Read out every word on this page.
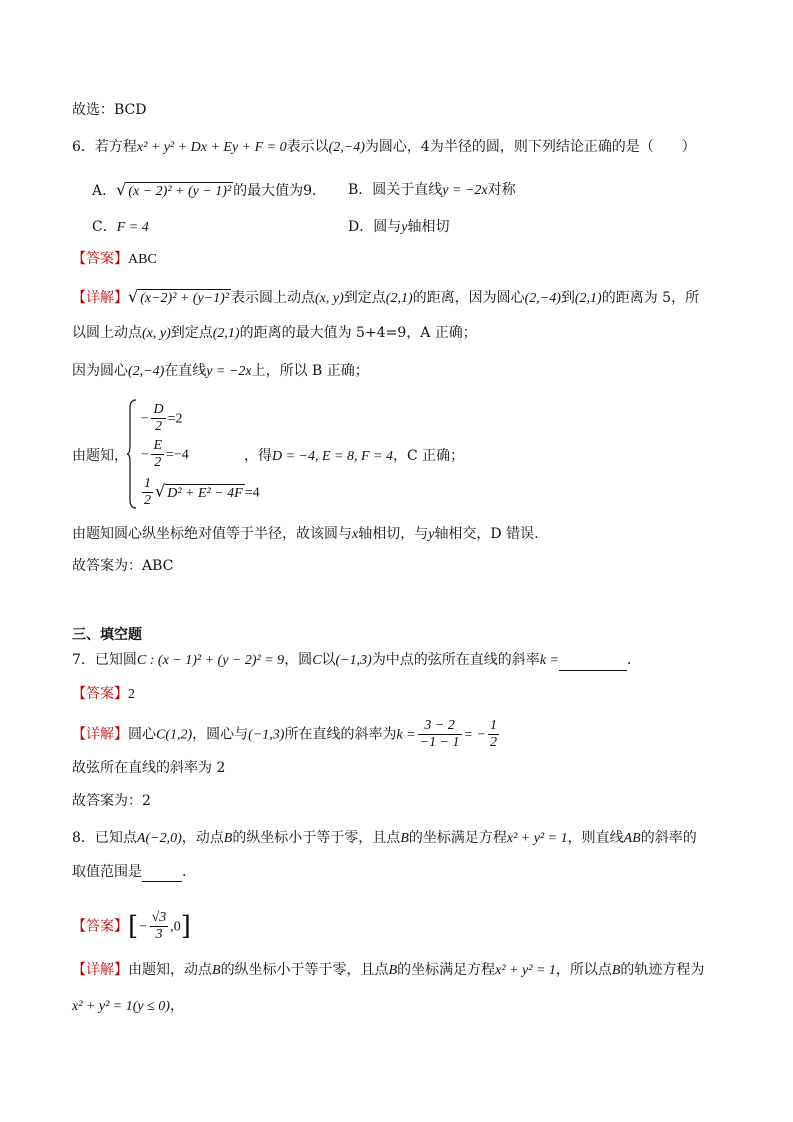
故选：BCD
6．若方程x² + y² + Dx + Ey + F = 0表示以(2,−4)为圆心，4为半径的圆，则下列结论正确的是（　　）
A．√ (x − 2)² + (y − 1)² 的最大值为9． B．圆关于直线y = −2x对称
C．F = 4	D．圆与y轴相切
【答案】ABC
【详解】√ (x−2)² + (y−1)² 表示圆上动点(x, y)到定点(2,1)的距离，因为圆心(2,−4)到(2,1)的距离为 5，所
以圆上动点(x, y)到定点(2,1)的距离的最大值为 5+4=9，A 正确；
因为圆心(2,−4)在直线y = −2x上，所以 B 正确；
由题知，
− $\frac{D}{2} =2$
− $\frac{E}{2} =-4$
$\frac{1}{2}$ √ D² + E² − 4F =4
，得D = −4, E = 8, F = 4，C 正确；
由题知圆心纵坐标绝对值等于半径，故该圆与x轴相切，与y轴相交，D 错误.
故答案为：ABC
三、填空题
7．已知圆C : (x − 1)² + (y − 2)² = 9，圆C以(−1,3)为中点的弦所在直线的斜率k =	.
【答案】2
【详解】圆心C(1,2)，圆心与(−1,3)所在直线的斜率为$k = \frac{3 - 2}{-1 - 1}$ = − $\frac{1}{2}$
故弦所在直线的斜率为 2
故答案为：2
8．已知点A(−2,0)，动点B的纵坐标小于等于零，且点B的坐标满足方程x² + y² = 1，则直线AB的斜率的
取值范围是	.
【答案】[− $\frac{√3}{3} ,0$]
【详解】由题知，动点B的纵坐标小于等于零，且点B的坐标满足方程x² + y² = 1，所以点B的轨迹方程为
x² + y² = 1(y ≤ 0)，
